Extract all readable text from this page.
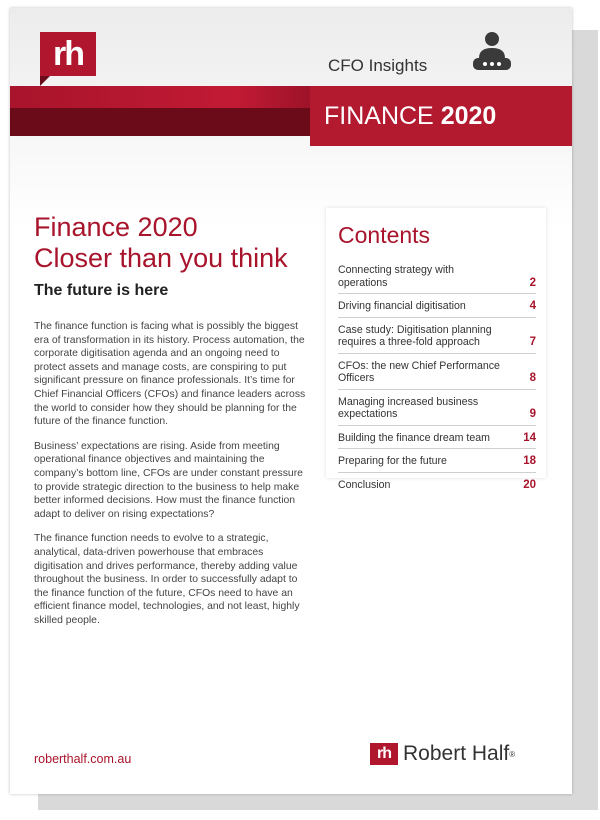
rh	CFO Insights
FINANCE 2020
Finance 2020
Closer than you think
The future is here

The finance function is facing what is possibly the biggest era of transformation in its history. Process automation, the corporate digitisation agenda and an ongoing need to protect assets and manage costs, are conspiring to put significant pressure on finance professionals. It’s time for Chief Financial Officers (CFOs) and finance leaders across the world to consider how they should be planning for the future of the finance function.

Business’ expectations are rising. Aside from meeting operational finance objectives and maintaining the company’s bottom line, CFOs are under constant pressure to provide strategic direction to the business to help make better informed decisions. How must the finance function adapt to deliver on rising expectations?

The finance function needs to evolve to a strategic, analytical, data-driven powerhouse that embraces digitisation and drives performance, thereby adding value throughout the business. In order to successfully adapt to the finance function of the future, CFOs need to have an efficient finance model, technologies, and not least, highly skilled people.

Contents
Connecting strategy with operations	2
Driving financial digitisation	4
Case study: Digitisation planning requires a three-fold approach	7
CFOs: the new Chief Performance Officers	8
Managing increased business expectations	9
Building the finance dream team	14
Preparing for the future	18
Conclusion	20
roberthalf.com.au	rh Robert Half ®
